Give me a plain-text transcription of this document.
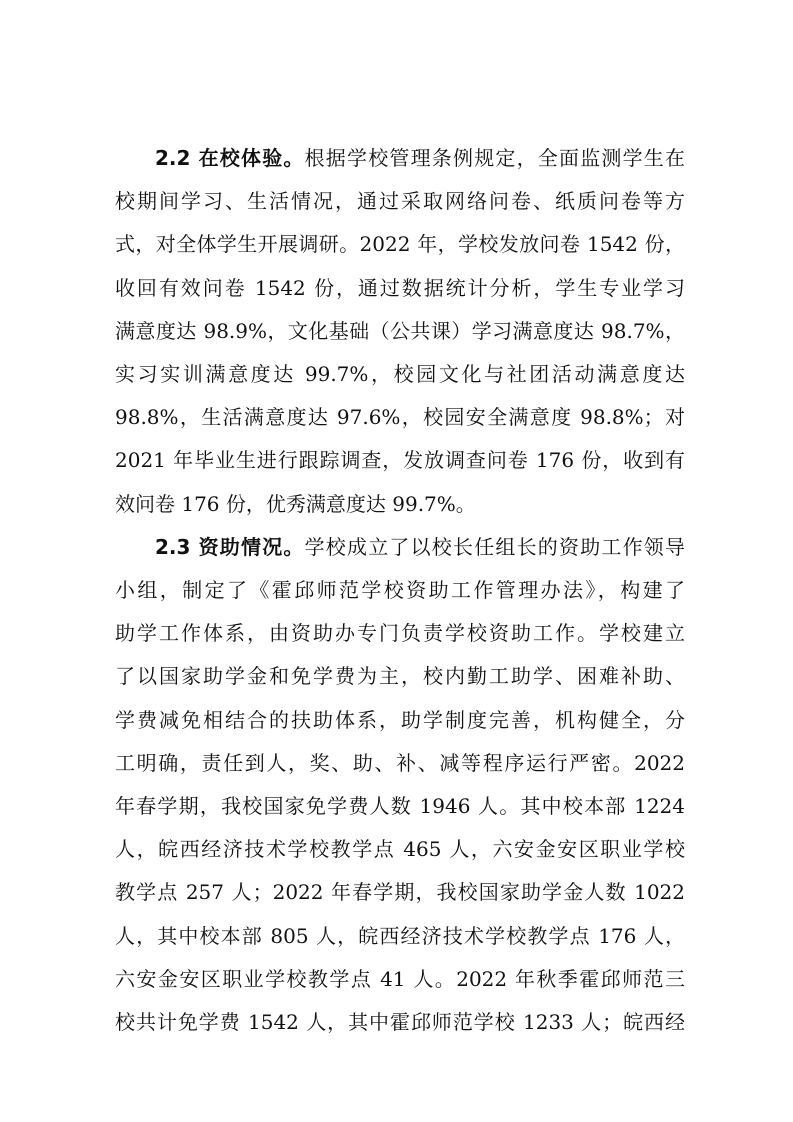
2.2 在校体验。根据学校管理条例规定，全面监测学生在
校期间学习、生活情况，通过采取网络问卷、纸质问卷等方
式，对全体学生开展调研。2022 年，学校发放问卷 1542 份，
收回有效问卷 1542 份，通过数据统计分析，学生专业学习
满意度达 98.9%，文化基础（公共课）学习满意度达 98.7%，
实习实训满意度达 99.7%，校园文化与社团活动满意度达
98.8%，生活满意度达 97.6%，校园安全满意度 98.8%；对
2021 年毕业生进行跟踪调查，发放调查问卷 176 份，收到有
效问卷 176 份，优秀满意度达 99.7%。
2.3 资助情况。学校成立了以校长任组长的资助工作领导
小组，制定了《霍邱师范学校资助工作管理办法》，构建了
助学工作体系，由资助办专门负责学校资助工作。学校建立
了以国家助学金和免学费为主，校内勤工助学、困难补助、
学费减免相结合的扶助体系，助学制度完善，机构健全，分
工明确，责任到人，奖、助、补、减等程序运行严密。2022
年春学期，我校国家免学费人数 1946 人。其中校本部 1224
人，皖西经济技术学校教学点 465 人，六安金安区职业学校
教学点 257 人；2022 年春学期，我校国家助学金人数 1022
人，其中校本部 805 人，皖西经济技术学校教学点 176 人，
六安金安区职业学校教学点 41 人。2022 年秋季霍邱师范三
校共计免学费 1542 人，其中霍邱师范学校 1233 人；皖西经
